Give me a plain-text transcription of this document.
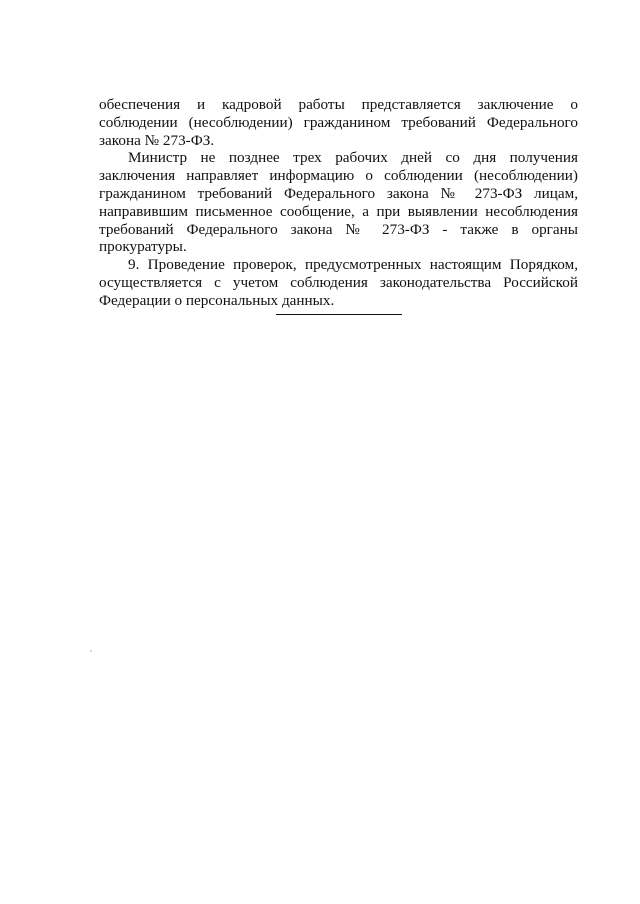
обеспечения и кадровой работы представляется заключение о соблюдении (несоблюдении) гражданином требований Федерального закона № 273-ФЗ.

Министр не позднее трех рабочих дней со дня получения заключения направляет информацию о соблюдении (несоблюдении) гражданином требований Федерального закона № 273-ФЗ лицам, направившим письменное сообщение, а при выявлении несоблюдения требований Федерального закона № 273-ФЗ - также в органы прокуратуры.

9. Проведение проверок, предусмотренных настоящим Порядком, осуществляется с учетом соблюдения законодательства Российской Федерации о персональных данных.
